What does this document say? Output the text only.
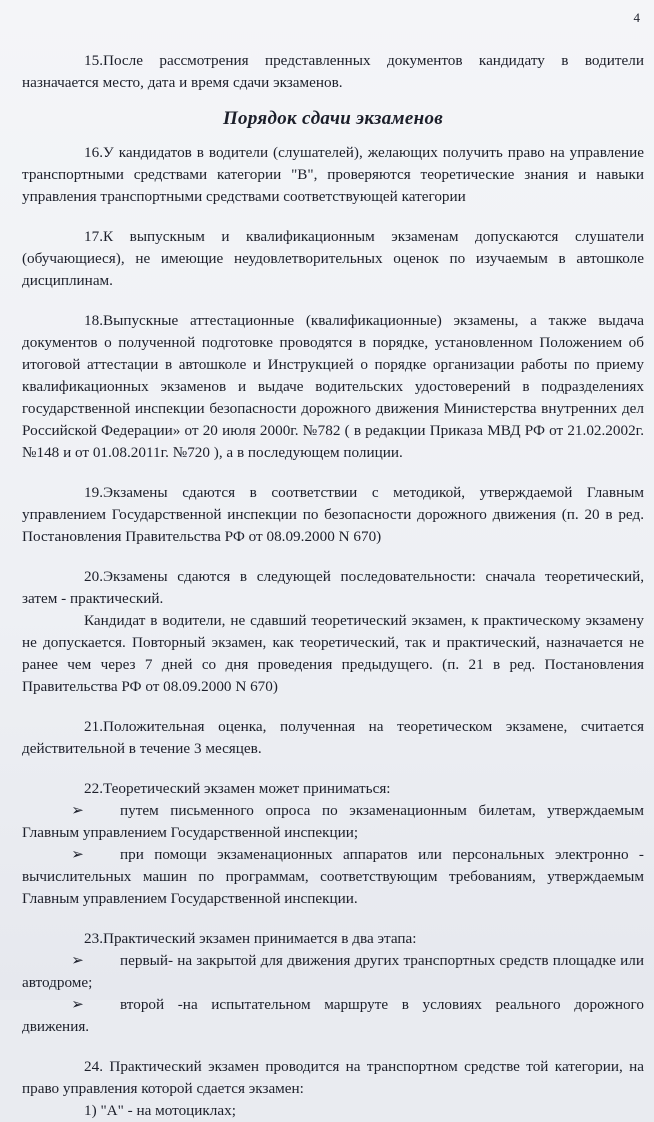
4

15.После рассмотрения представленных документов кандидату в водители назначается место, дата и время сдачи экзаменов.

Порядок сдачи экзаменов

16.У кандидатов в водители (слушателей), желающих получить право на управление транспортными средствами категории "В", проверяются теоретические знания и навыки управления транспортными средствами соответствующей категории

17.К выпускным и квалификационным экзаменам допускаются слушатели (обучающиеся), не имеющие неудовлетворительных оценок по изучаемым в автошколе дисциплинам.

18.Выпускные аттестационные (квалификационные) экзамены, а также выдача документов о полученной подготовке проводятся в порядке, установленном Положением об итоговой аттестации в автошколе и Инструкцией о порядке организации работы по приему квалификационных экзаменов и выдаче водительских удостоверений в подразделениях государственной инспекции безопасности дорожного движения Министерства внутренних дел Российской Федерации» от 20 июля 2000г. №782 ( в редакции Приказа МВД РФ от 21.02.2002г. №148 и от 01.08.2011г. №720 ), а в последующем полиции.

19.Экзамены сдаются в соответствии с методикой, утверждаемой Главным управлением Государственной инспекции по безопасности дорожного движения (п. 20 в ред. Постановления Правительства РФ от 08.09.2000 N 670)

20.Экзамены сдаются в следующей последовательности: сначала теоретический, затем - практический.

Кандидат в водители, не сдавший теоретический экзамен, к практическому экзамену не допускается. Повторный экзамен, как теоретический, так и практический, назначается не ранее чем через 7 дней со дня проведения предыдущего. (п. 21 в ред. Постановления Правительства РФ от 08.09.2000 N 670)

21.Положительная оценка, полученная на теоретическом экзамене, считается действительной в течение 3 месяцев.

22.Теоретический экзамен может приниматься:

➢ путем письменного опроса по экзаменационным билетам, утверждаемым Главным управлением Государственной инспекции;

➢ при помощи экзаменационных аппаратов или персональных электронно - вычислительных машин по программам, соответствующим требованиям, утверждаемым Главным управлением Государственной инспекции.

23.Практический экзамен принимается в два этапа:

➢ первый- на закрытой для движения других транспортных средств площадке или автодроме;

➢ второй -на испытательном маршруте в условиях реального дорожного движения.

24. Практический экзамен проводится на транспортном средстве той категории, на право управления которой сдается экзамен:

1) "А" - на мотоциклах;
